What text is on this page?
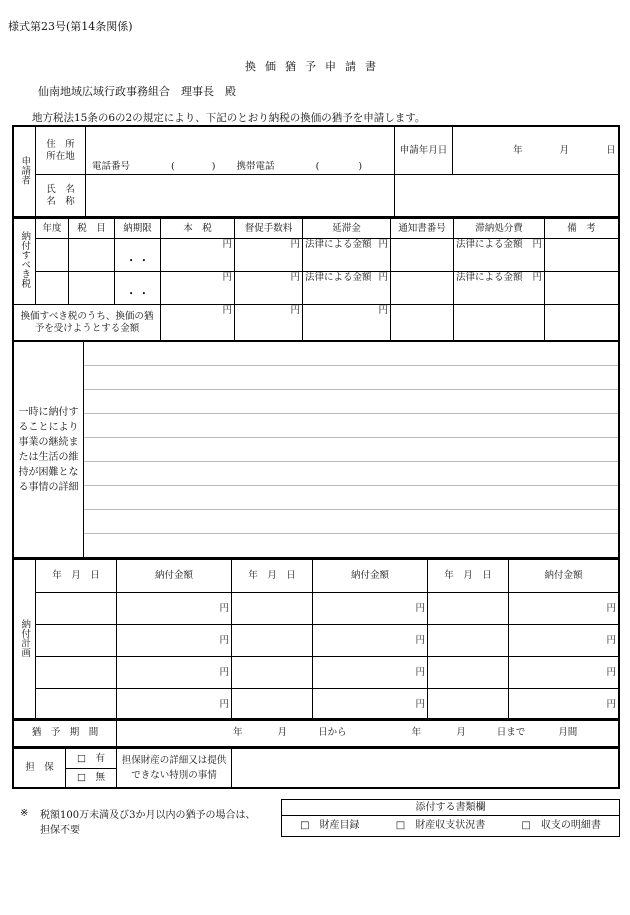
様式第23号(第14条関係)
換価猶予申請書
仙南地域広域行政事務組合　理事長　殿
地方税法15条の6の2の規定により、下記のとおり納税の換価の猶予を申請します。
申請者	住　所
所在地	電話番号 ( ) 携帯電話 ( )	申請年月日	年 月 日
	氏　名
名　称			
納付すべき税	年度	税　目	納期限	本　税	督促手数料	延滞金	通知書番号	滞納処分費	備　考
			・ ・	円	円	法律による金額 円		法律による金額 円	

			・ ・	円	円	法律による金額 円		法律による金額 円	

換価すべき税のうち、換価の猶予を受けようとする金額				円	円	円			
一時に納付することにより事業の継続または生活の維持が困難となる事情の詳細	
納付計画	年　月　日	納付金額	年　月　日	納付金額	年　月　日	納付金額
		円		円		円
		円		円		円
		円		円		円
		円		円		円
猶　予　期　間	年	月	日から	年	月	日まで	月間
担　保	□　有	担保財産の詳細又は提供できない特別の事情	
□　無
※ 税額100万未満及び3か月以内の猶予の場合は、担保不要
添付する書類欄
□　財産目録	□　財産収支状況書	□　収支の明細書
